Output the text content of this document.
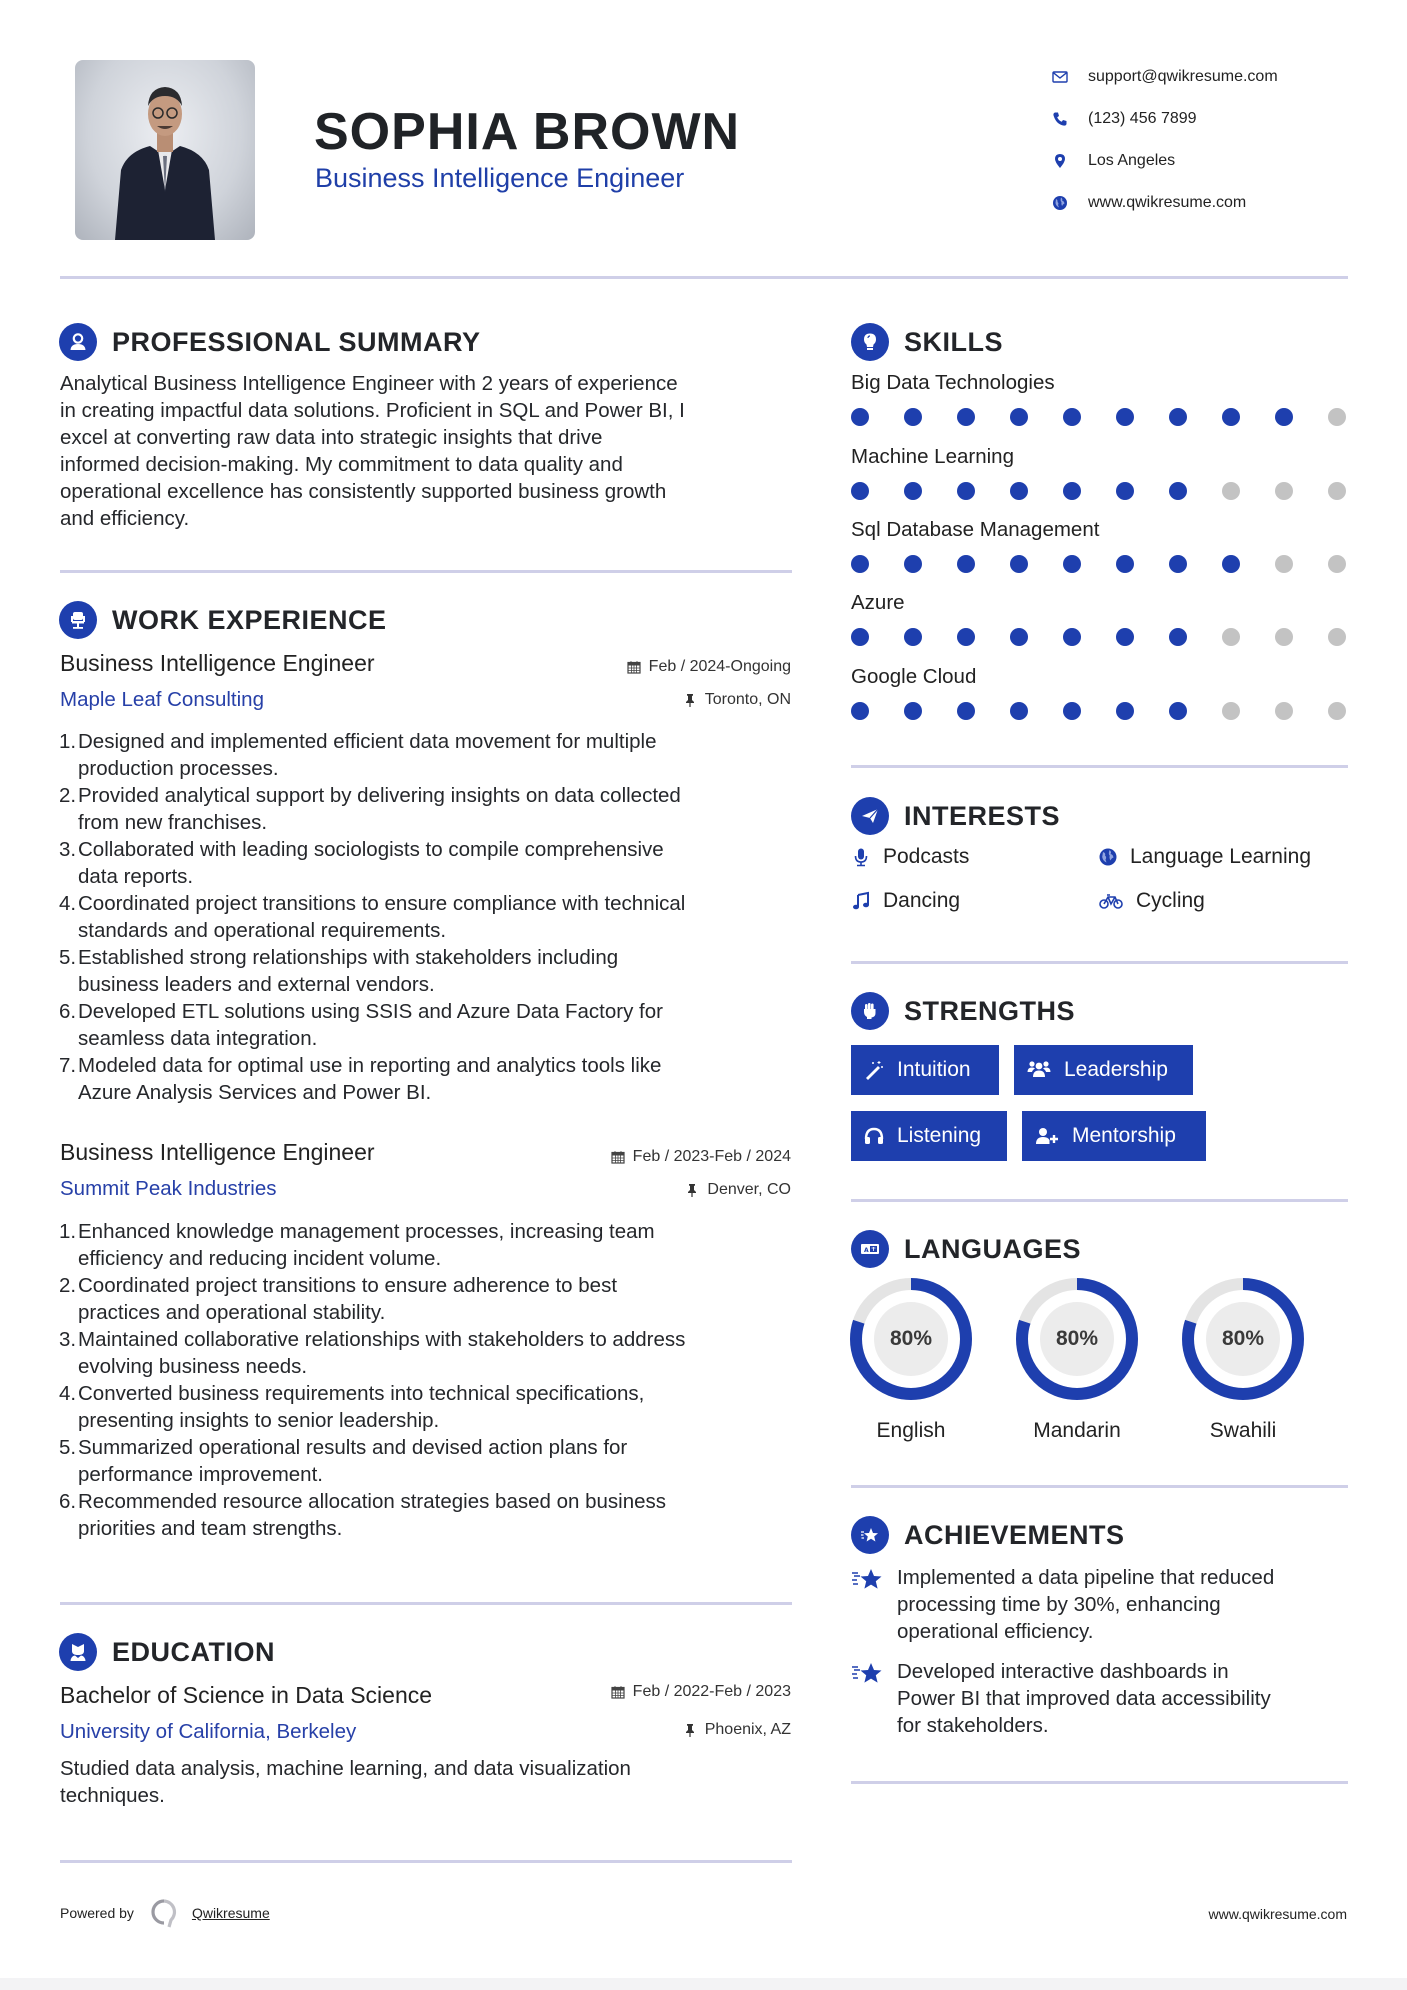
SOPHIA BROWN
Business Intelligence Engineer
support@qwikresume.com
(123) 456 7899
Los Angeles
www.qwikresume.com
PROFESSIONAL SUMMARY
Analytical Business Intelligence Engineer with 2 years of experience
in creating impactful data solutions. Proficient in SQL and Power BI, I
excel at converting raw data into strategic insights that drive
informed decision-making. My commitment to data quality and
operational excellence has consistently supported business growth
and efficiency.
WORK EXPERIENCE
Business Intelligence Engineer	Feb / 2024-Ongoing
Maple Leaf Consulting	Toronto, ON
1. Designed and implemented efficient data movement for multiple
production processes.
2. Provided analytical support by delivering insights on data collected
from new franchises.
3. Collaborated with leading sociologists to compile comprehensive
data reports.
4. Coordinated project transitions to ensure compliance with technical
standards and operational requirements.
5. Established strong relationships with stakeholders including
business leaders and external vendors.
6. Developed ETL solutions using SSIS and Azure Data Factory for
seamless data integration.
7. Modeled data for optimal use in reporting and analytics tools like
Azure Analysis Services and Power BI.
Business Intelligence Engineer	Feb / 2023-Feb / 2024
Summit Peak Industries	Denver, CO
1. Enhanced knowledge management processes, increasing team
efficiency and reducing incident volume.
2. Coordinated project transitions to ensure adherence to best
practices and operational stability.
3. Maintained collaborative relationships with stakeholders to address
evolving business needs.
4. Converted business requirements into technical specifications,
presenting insights to senior leadership.
5. Summarized operational results and devised action plans for
performance improvement.
6. Recommended resource allocation strategies based on business
priorities and team strengths.
EDUCATION
Bachelor of Science in Data Science	Feb / 2022-Feb / 2023
University of California, Berkeley	Phoenix, AZ
Studied data analysis, machine learning, and data visualization
techniques.
SKILLS
Big Data Technologies
Machine Learning
Sql Database Management
Azure
Google Cloud
INTERESTS
Podcasts	Language Learning
Dancing	Cycling
STRENGTHS
Intuition	Leadership
Listening	Mentorship
A LANGUAGES
80%
English
80%
Mandarin
80%
Swahili
ACHIEVEMENTS
Implemented a data pipeline that reduced
processing time by 30%, enhancing
operational efficiency.
Developed interactive dashboards in
Power BI that improved data accessibility
for stakeholders.
Powered by	Qwikresume	www.qwikresume.com
